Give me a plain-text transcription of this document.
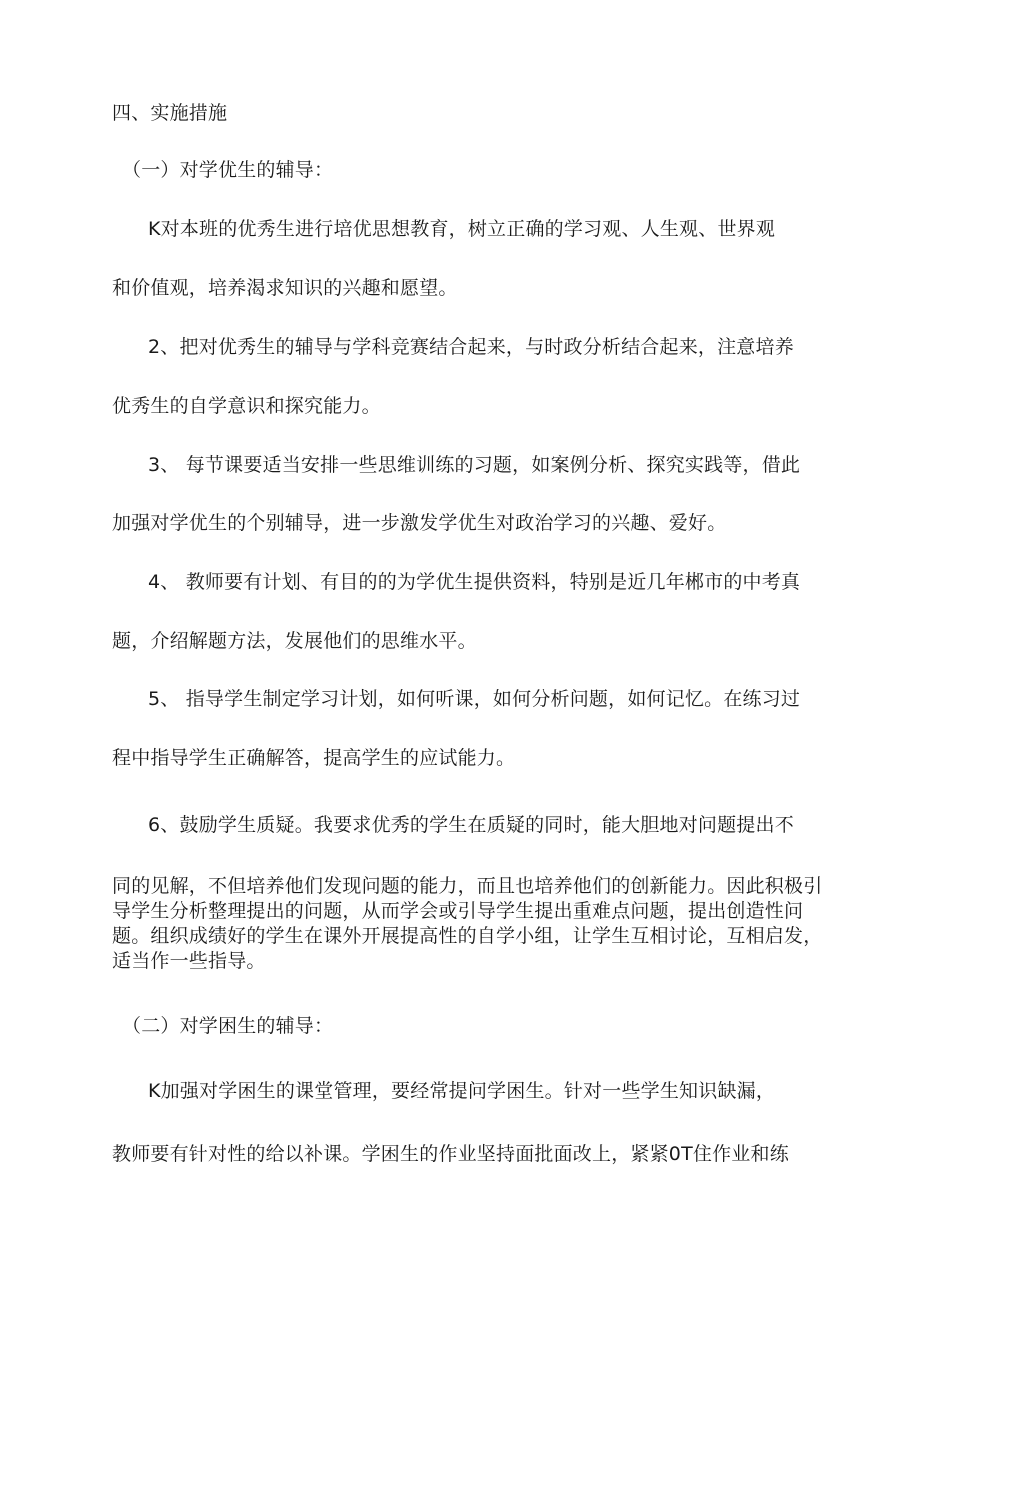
四、实施措施
（一）对学优生的辅导：
K对本班的优秀生进行培优思想教育，树立正确的学习观、人生观、世界观
和价值观，培养渴求知识的兴趣和愿望。
2、把对优秀生的辅导与学科竞赛结合起来，与时政分析结合起来，注意培养
优秀生的自学意识和探究能力。
3、 每节课要适当安排一些思维训练的习题，如案例分析、探究实践等，借此
加强对学优生的个别辅导，进一步激发学优生对政治学习的兴趣、爱好。
4、 教师要有计划、有目的的为学优生提供资料，特别是近几年郴市的中考真
题，介绍解题方法，发展他们的思维水平。
5、 指导学生制定学习计划，如何听课，如何分析问题，如何记忆。在练习过
程中指导学生正确解答，提高学生的应试能力。
6、鼓励学生质疑。我要求优秀的学生在质疑的同时，能大胆地对问题提出不
同的见解，不但培养他们发现问题的能力，而且也培养他们的创新能力。因此积极引导学生分析整理提出的问题，从而学会或引导学生提出重难点问题，提出创造性问题。组织成绩好的学生在课外开展提高性的自学小组，让学生互相讨论，互相启发，适当作一些指导。
（二）对学困生的辅导：
K加强对学困生的课堂管理，要经常提问学困生。针对一些学生知识缺漏，
教师要有针对性的给以补课。学困生的作业坚持面批面改上，紧紧0T住作业和练
